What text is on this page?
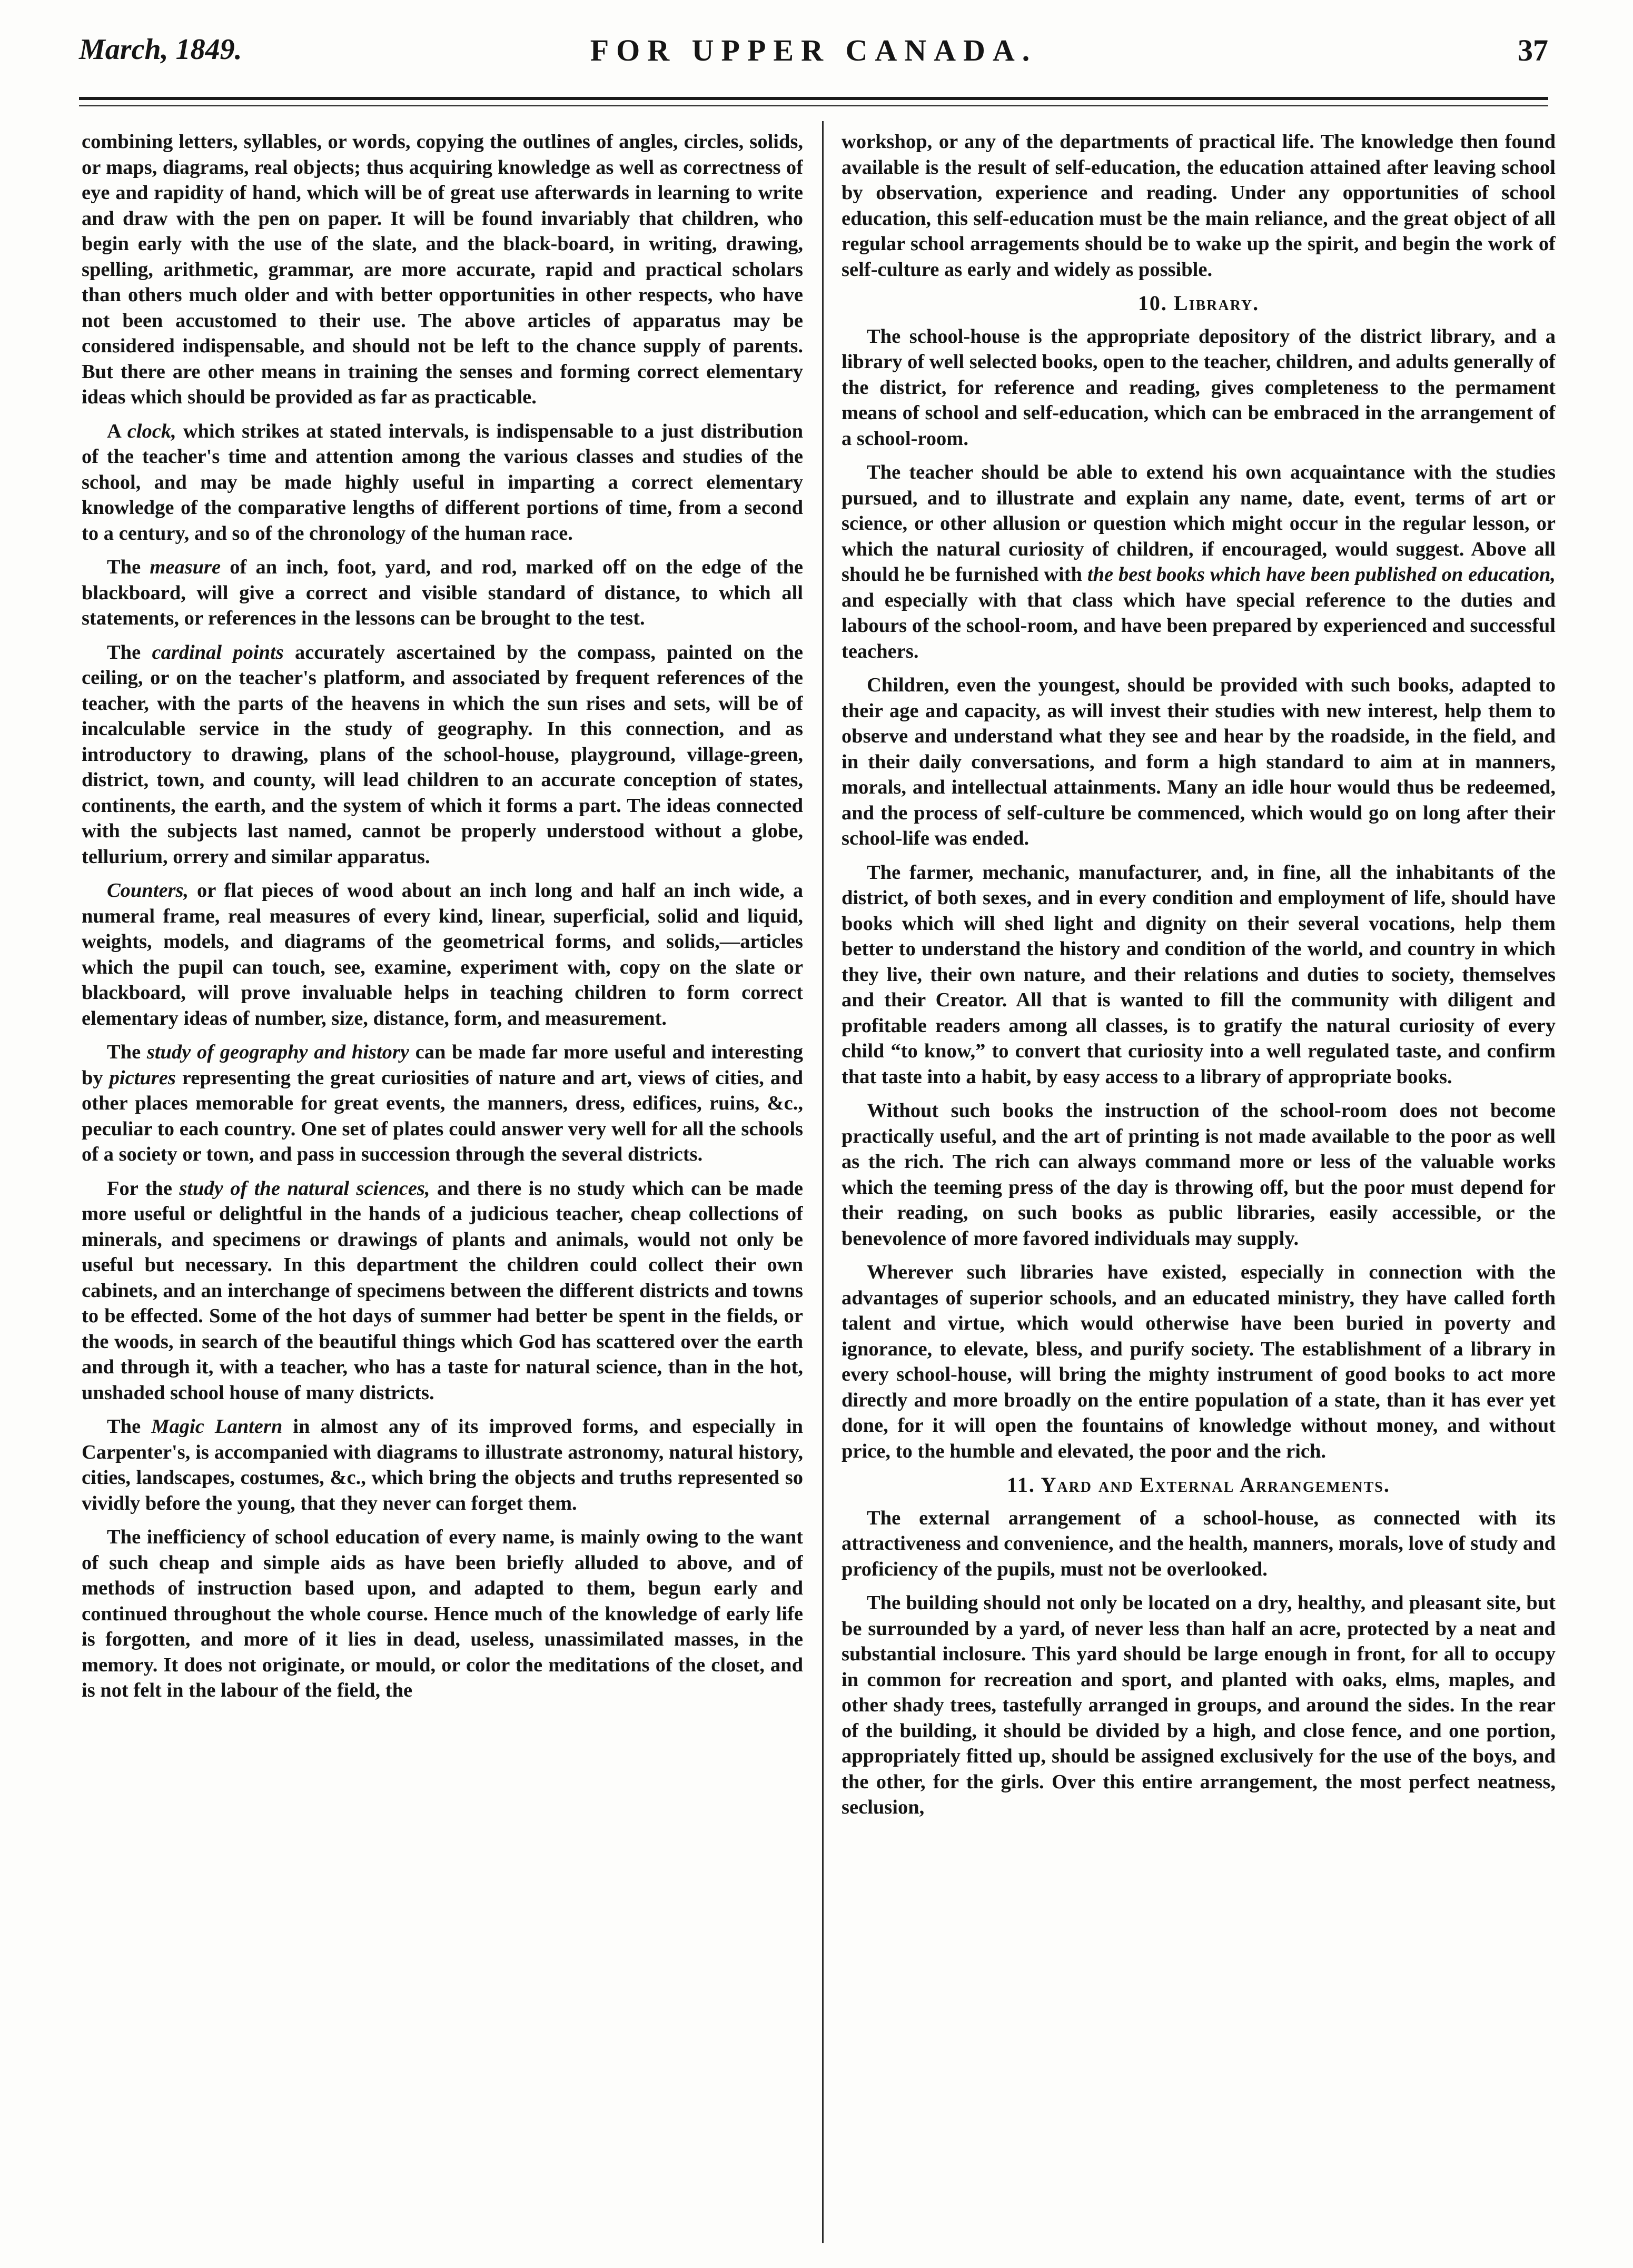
March, 1849.	FOR UPPER CANADA.	37

combining letters, syllables, or words, copying the outlines of angles, circles, solids, or maps, diagrams, real objects; thus acquiring knowledge as well as correctness of eye and rapidity of hand, which will be of great use afterwards in learning to write and draw with the pen on paper. It will be found invariably that children, who begin early with the use of the slate, and the black-board, in writing, drawing, spelling, arithmetic, grammar, are more accurate, rapid and practical scholars than others much older and with better opportunities in other respects, who have not been accustomed to their use. The above articles of apparatus may be considered indispensable, and should not be left to the chance supply of parents. But there are other means in training the senses and forming correct elementary ideas which should be provided as far as practicable.

A clock, which strikes at stated intervals, is indispensable to a just distribution of the teacher's time and attention among the various classes and studies of the school, and may be made highly useful in imparting a correct elementary knowledge of the comparative lengths of different portions of time, from a second to a century, and so of the chronology of the human race.

The measure of an inch, foot, yard, and rod, marked off on the edge of the blackboard, will give a correct and visible standard of distance, to which all statements, or references in the lessons can be brought to the test.

The cardinal points accurately ascertained by the compass, painted on the ceiling, or on the teacher's platform, and associated by frequent references of the teacher, with the parts of the heavens in which the sun rises and sets, will be of incalculable service in the study of geography. In this connection, and as introductory to drawing, plans of the school-house, playground, village-green, district, town, and county, will lead children to an accurate conception of states, continents, the earth, and the system of which it forms a part. The ideas connected with the subjects last named, cannot be properly understood without a globe, tellurium, orrery and similar apparatus.

Counters, or flat pieces of wood about an inch long and half an inch wide, a numeral frame, real measures of every kind, linear, superficial, solid and liquid, weights, models, and diagrams of the geometrical forms, and solids,—articles which the pupil can touch, see, examine, experiment with, copy on the slate or blackboard, will prove invaluable helps in teaching children to form correct elementary ideas of number, size, distance, form, and measurement.

The study of geography and history can be made far more useful and interesting by pictures representing the great curiosities of nature and art, views of cities, and other places memorable for great events, the manners, dress, edifices, ruins, &c., peculiar to each country. One set of plates could answer very well for all the schools of a society or town, and pass in succession through the several districts.

For the study of the natural sciences, and there is no study which can be made more useful or delightful in the hands of a judicious teacher, cheap collections of minerals, and specimens or drawings of plants and animals, would not only be useful but necessary. In this department the children could collect their own cabinets, and an interchange of specimens between the different districts and towns to be effected. Some of the hot days of summer had better be spent in the fields, or the woods, in search of the beautiful things which God has scattered over the earth and through it, with a teacher, who has a taste for natural science, than in the hot, unshaded school house of many districts.

The Magic Lantern in almost any of its improved forms, and especially in Carpenter's, is accompanied with diagrams to illustrate astronomy, natural history, cities, landscapes, costumes, &c., which bring the objects and truths represented so vividly before the young, that they never can forget them.

The inefficiency of school education of every name, is mainly owing to the want of such cheap and simple aids as have been briefly alluded to above, and of methods of instruction based upon, and adapted to them, begun early and continued throughout the whole course. Hence much of the knowledge of early life is forgotten, and more of it lies in dead, useless, unassimilated masses, in the memory. It does not originate, or mould, or color the meditations of the closet, and is not felt in the labour of the field, the

workshop, or any of the departments of practical life. The knowledge then found available is the result of self-education, the education attained after leaving school by observation, experience and reading. Under any opportunities of school education, this self-education must be the main reliance, and the great object of all regular school arragements should be to wake up the spirit, and begin the work of self-culture as early and widely as possible.

10. Library.

The school-house is the appropriate depository of the district library, and a library of well selected books, open to the teacher, children, and adults generally of the district, for reference and reading, gives completeness to the permament means of school and self-education, which can be embraced in the arrangement of a school-room.

The teacher should be able to extend his own acquaintance with the studies pursued, and to illustrate and explain any name, date, event, terms of art or science, or other allusion or question which might occur in the regular lesson, or which the natural curiosity of children, if encouraged, would suggest. Above all should he be furnished with the best books which have been published on education, and especially with that class which have special reference to the duties and labours of the school-room, and have been prepared by experienced and successful teachers.

Children, even the youngest, should be provided with such books, adapted to their age and capacity, as will invest their studies with new interest, help them to observe and understand what they see and hear by the roadside, in the field, and in their daily conversations, and form a high standard to aim at in manners, morals, and intellectual attainments. Many an idle hour would thus be redeemed, and the process of self-culture be commenced, which would go on long after their school-life was ended.

The farmer, mechanic, manufacturer, and, in fine, all the inhabitants of the district, of both sexes, and in every condition and employment of life, should have books which will shed light and dignity on their several vocations, help them better to understand the history and condition of the world, and country in which they live, their own nature, and their relations and duties to society, themselves and their Creator. All that is wanted to fill the community with diligent and profitable readers among all classes, is to gratify the natural curiosity of every child “to know,” to convert that curiosity into a well regulated taste, and confirm that taste into a habit, by easy access to a library of appropriate books.

Without such books the instruction of the school-room does not become practically useful, and the art of printing is not made available to the poor as well as the rich. The rich can always command more or less of the valuable works which the teeming press of the day is throwing off, but the poor must depend for their reading, on such books as public libraries, easily accessible, or the benevolence of more favored individuals may supply.

Wherever such libraries have existed, especially in connection with the advantages of superior schools, and an educated ministry, they have called forth talent and virtue, which would otherwise have been buried in poverty and ignorance, to elevate, bless, and purify society. The establishment of a library in every school-house, will bring the mighty instrument of good books to act more directly and more broadly on the entire population of a state, than it has ever yet done, for it will open the fountains of knowledge without money, and without price, to the humble and elevated, the poor and the rich.

11. Yard and External Arrangements.

The external arrangement of a school-house, as connected with its attractiveness and convenience, and the health, manners, morals, love of study and proficiency of the pupils, must not be overlooked.

The building should not only be located on a dry, healthy, and pleasant site, but be surrounded by a yard, of never less than half an acre, protected by a neat and substantial inclosure. This yard should be large enough in front, for all to occupy in common for recreation and sport, and planted with oaks, elms, maples, and other shady trees, tastefully arranged in groups, and around the sides. In the rear of the building, it should be divided by a high, and close fence, and one portion, appropriately fitted up, should be assigned exclusively for the use of the boys, and the other, for the girls. Over this entire arrangement, the most perfect neatness, seclusion,
